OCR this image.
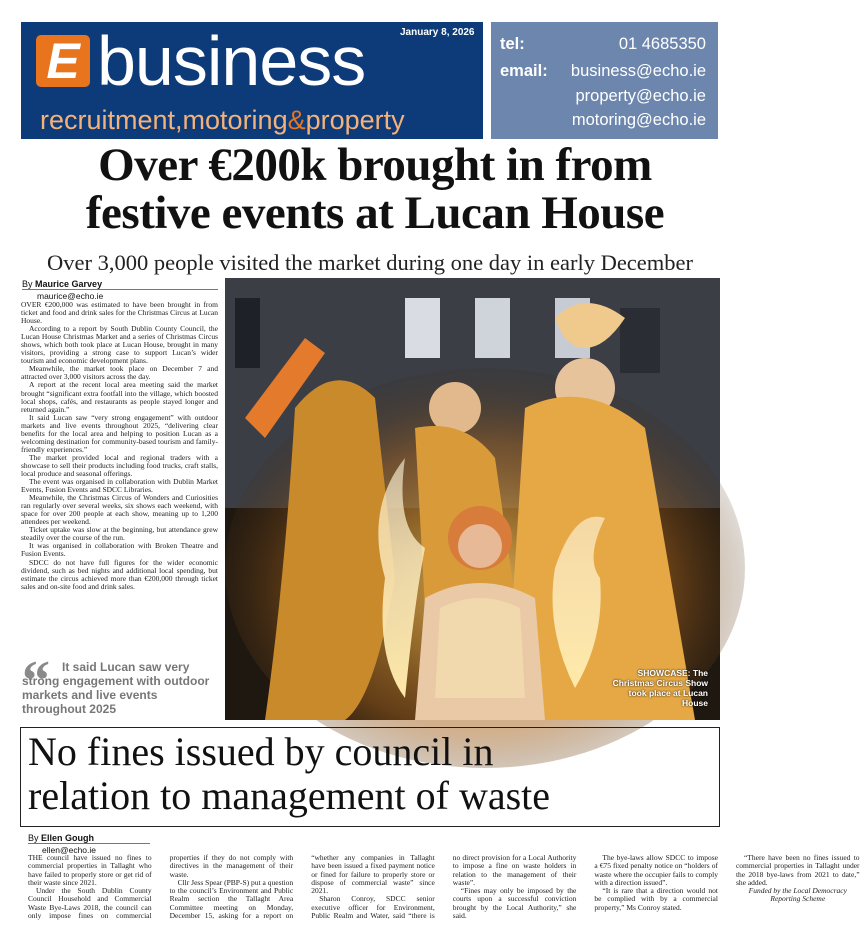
E business
recruitment,motoring&property
January 8, 2026
tel:	01 4685350
email: business@echo.ie
property@echo.ie
motoring@echo.ie
Over €200k brought in from
festive events at Lucan House
Over 3,000 people visited the market during one day in early December
By Maurice Garvey
maurice@echo.ie

OVER €200,000 was estimated to have been brought in from ticket and food and drink sales for the Christmas Circus at Lucan House.

According to a report by South Dublin County Council, the Lucan House Christmas Market and a series of Christmas Circus shows, which both took place at Lucan House, brought in many visitors, providing a strong case to support Lucan’s wider tourism and economic development plans.

Meanwhile, the market took place on December 7 and attracted over 3,000 visitors across the day.

A report at the recent local area meeting said the market brought “significant extra footfall into the village, which boosted local shops, cafés, and restaurants as people stayed longer and returned again.”

It said Lucan saw “very strong engagement” with outdoor markets and live events throughout 2025, “delivering clear benefits for the local area and helping to position Lucan as a welcoming destination for community-based tourism and family-friendly experiences.”

The market provided local and regional traders with a showcase to sell their products including food trucks, craft stalls, local produce and seasonal offerings.

The event was organised in collaboration with Dublin Market Events, Fusion Events and SDCC Libraries.

Meanwhile, the Christmas Circus of Wonders and Curiosities ran regularly over several weeks, six shows each weekend, with space for over 200 people at each show, meaning up to 1,200 attendees per weekend.

Ticket uptake was slow at the beginning, but attendance grew steadily over the course of the run.

It was organised in collaboration with Broken Theatre and Fusion Events.

SDCC do not have full figures for the wider economic dividend, such as bed nights and additional local spending, but estimate the circus achieved more than €200,000 through ticket sales and on-site food and drink sales.

“	It said Lucan saw very strong engagement with outdoor markets and live events throughout 2025
SHOWCASE: The
Christmas Circus Show
took place at Lucan
House
No fines issued by council in
relation to management of waste
By Ellen Gough
ellen@echo.ie

THE council have issued no fines to commercial properties in Tallaght who have failed to properly store or get rid of their waste since 2021.

Under the South Dublin County Council Household and Commercial Waste Bye-Laws 2018, the council can only impose fines on commercial properties if they do not comply with directives in the management of their waste.

Cllr Jess Spear (PBP-S) put a question to the council’s Environment and Public Realm section the Tallaght Area Committee meeting on Monday, December 15, asking for a report on “whether any companies in Tallaght have been issued a fixed payment notice or fined for failure to properly store or dispose of commercial waste” since 2021.

Sharon Conroy, SDCC senior executive officer for Environment, Public Realm and Water, said “there is no direct provision for a Local Authority to impose a fine on waste holders in relation to the management of their waste”.

“Fines may only be imposed by the courts upon a successful conviction brought by the Local Authority,” she said.

The bye-laws allow SDCC to impose a €75 fixed penalty notice on “holders of waste where the occupier fails to comply with a direction issued”.

“It is rare that a direction would not be complied with by a commercial property,” Ms Conroy stated.

“There have been no fines issued to commercial properties in Tallaght under the 2018 bye-laws from 2021 to date,” she added.

Funded by the Local Democracy Reporting Scheme
